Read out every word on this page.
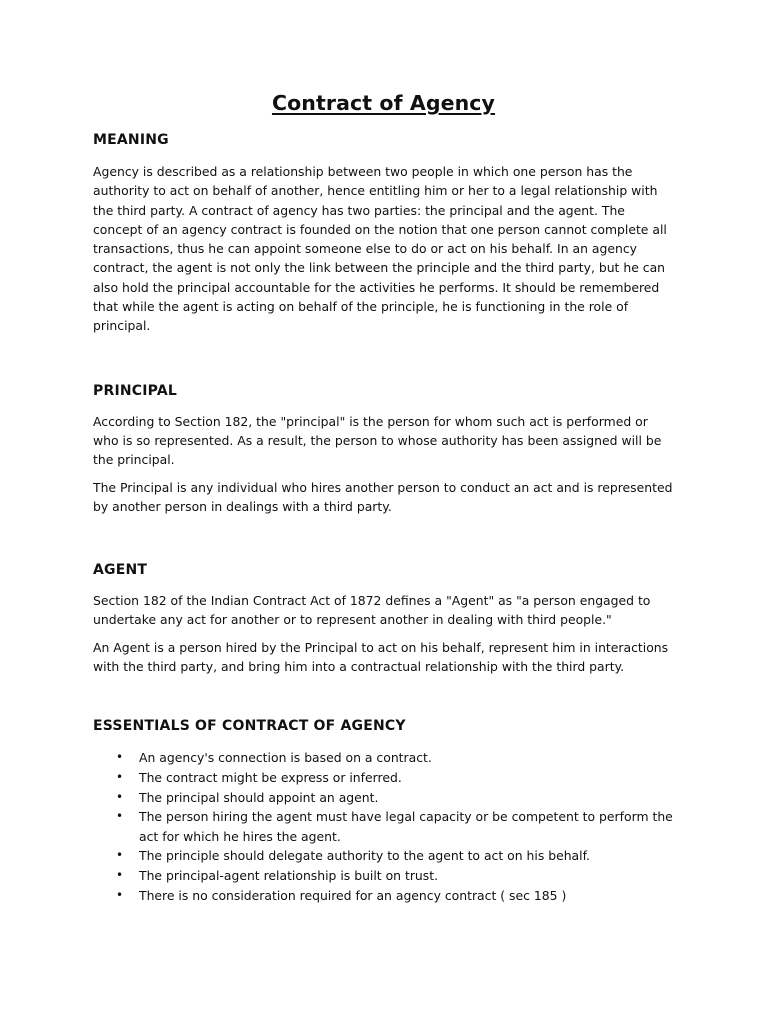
Contract of Agency
MEANING

Agency is described as a relationship between two people in which one person has the authority to act on behalf of another, hence entitling him or her to a legal relationship with the third party. A contract of agency has two parties: the principal and the agent. The concept of an agency contract is founded on the notion that one person cannot complete all transactions, thus he can appoint someone else to do or act on his behalf. In an agency contract, the agent is not only the link between the principle and the third party, but he can also hold the principal accountable for the activities he performs. It should be remembered that while the agent is acting on behalf of the principle, he is functioning in the role of principal.

PRINCIPAL

According to Section 182, the "principal" is the person for whom such act is performed or who is so represented. As a result, the person to whose authority has been assigned will be the principal.

The Principal is any individual who hires another person to conduct an act and is represented by another person in dealings with a third party.

AGENT

Section 182 of the Indian Contract Act of 1872 defines a "Agent" as "a person engaged to undertake any act for another or to represent another in dealing with third people."

An Agent is a person hired by the Principal to act on his behalf, represent him in interactions with the third party, and bring him into a contractual relationship with the third party.

ESSENTIALS OF CONTRACT OF AGENCY
• An agency's connection is based on a contract.
• The contract might be express or inferred.
• The principal should appoint an agent.
• The person hiring the agent must have legal capacity or be competent to perform the act for which he hires the agent.
• The principle should delegate authority to the agent to act on his behalf.
• The principal-agent relationship is built on trust.
• There is no consideration required for an agency contract ( sec 185 )
